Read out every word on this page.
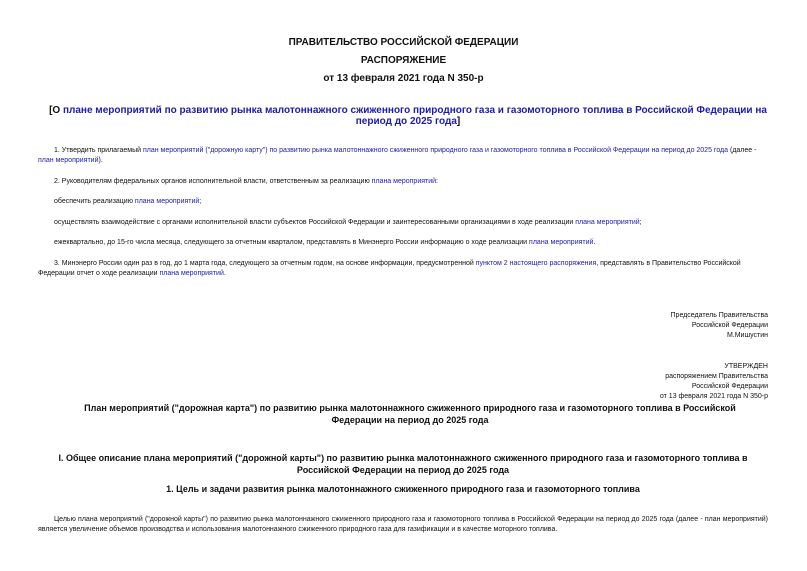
ПРАВИТЕЛЬСТВО РОССИЙСКОЙ ФЕДЕРАЦИИ
РАСПОРЯЖЕНИЕ
от 13 февраля 2021 года N 350-р
[О плане мероприятий по развитию рынка малотоннажного сжиженного природного газа и газомоторного топлива в Российской Федерации на период до 2025 года]
1. Утвердить прилагаемый план мероприятий ("дорожную карту") по развитию рынка малотоннажного сжиженного природного газа и газомоторного топлива в Российской Федерации на период до 2025 года (далее - план мероприятий).
2. Руководителям федеральных органов исполнительной власти, ответственным за реализацию плана мероприятий:
обеспечить реализацию плана мероприятий;
осуществлять взаимодействие с органами исполнительной власти субъектов Российской Федерации и заинтересованными организациями в ходе реализации плана мероприятий;
ежеквартально, до 15-го числа месяца, следующего за отчетным кварталом, представлять в Минэнерго России информацию о ходе реализации плана мероприятий.
3. Минэнерго России один раз в год, до 1 марта года, следующего за отчетным годом, на основе информации, предусмотренной пунктом 2 настоящего распоряжения, представлять в Правительство Российской Федерации отчет о ходе реализации плана мероприятий.
Председатель Правительства
Российской Федерации
М.Мишустин
УТВЕРЖДЕН
распоряжением Правительства
Российской Федерации
от 13 февраля 2021 года N 350-р
План мероприятий ("дорожная карта") по развитию рынка малотоннажного сжиженного природного газа и газомоторного топлива в Российской Федерации на период до 2025 года
I. Общее описание плана мероприятий ("дорожной карты") по развитию рынка малотоннажного сжиженного природного газа и газомоторного топлива в Российской Федерации на период до 2025 года
1. Цель и задачи развития рынка малотоннажного сжиженного природного газа и газомоторного топлива
Целью плана мероприятий ("дорожной карты") по развитию рынка малотоннажного сжиженного природного газа и газомоторного топлива в Российской Федерации на период до 2025 года (далее - план мероприятий) является увеличение объемов производства и использования малотоннажного сжиженного природного газа для газификации и в качестве моторного топлива.
